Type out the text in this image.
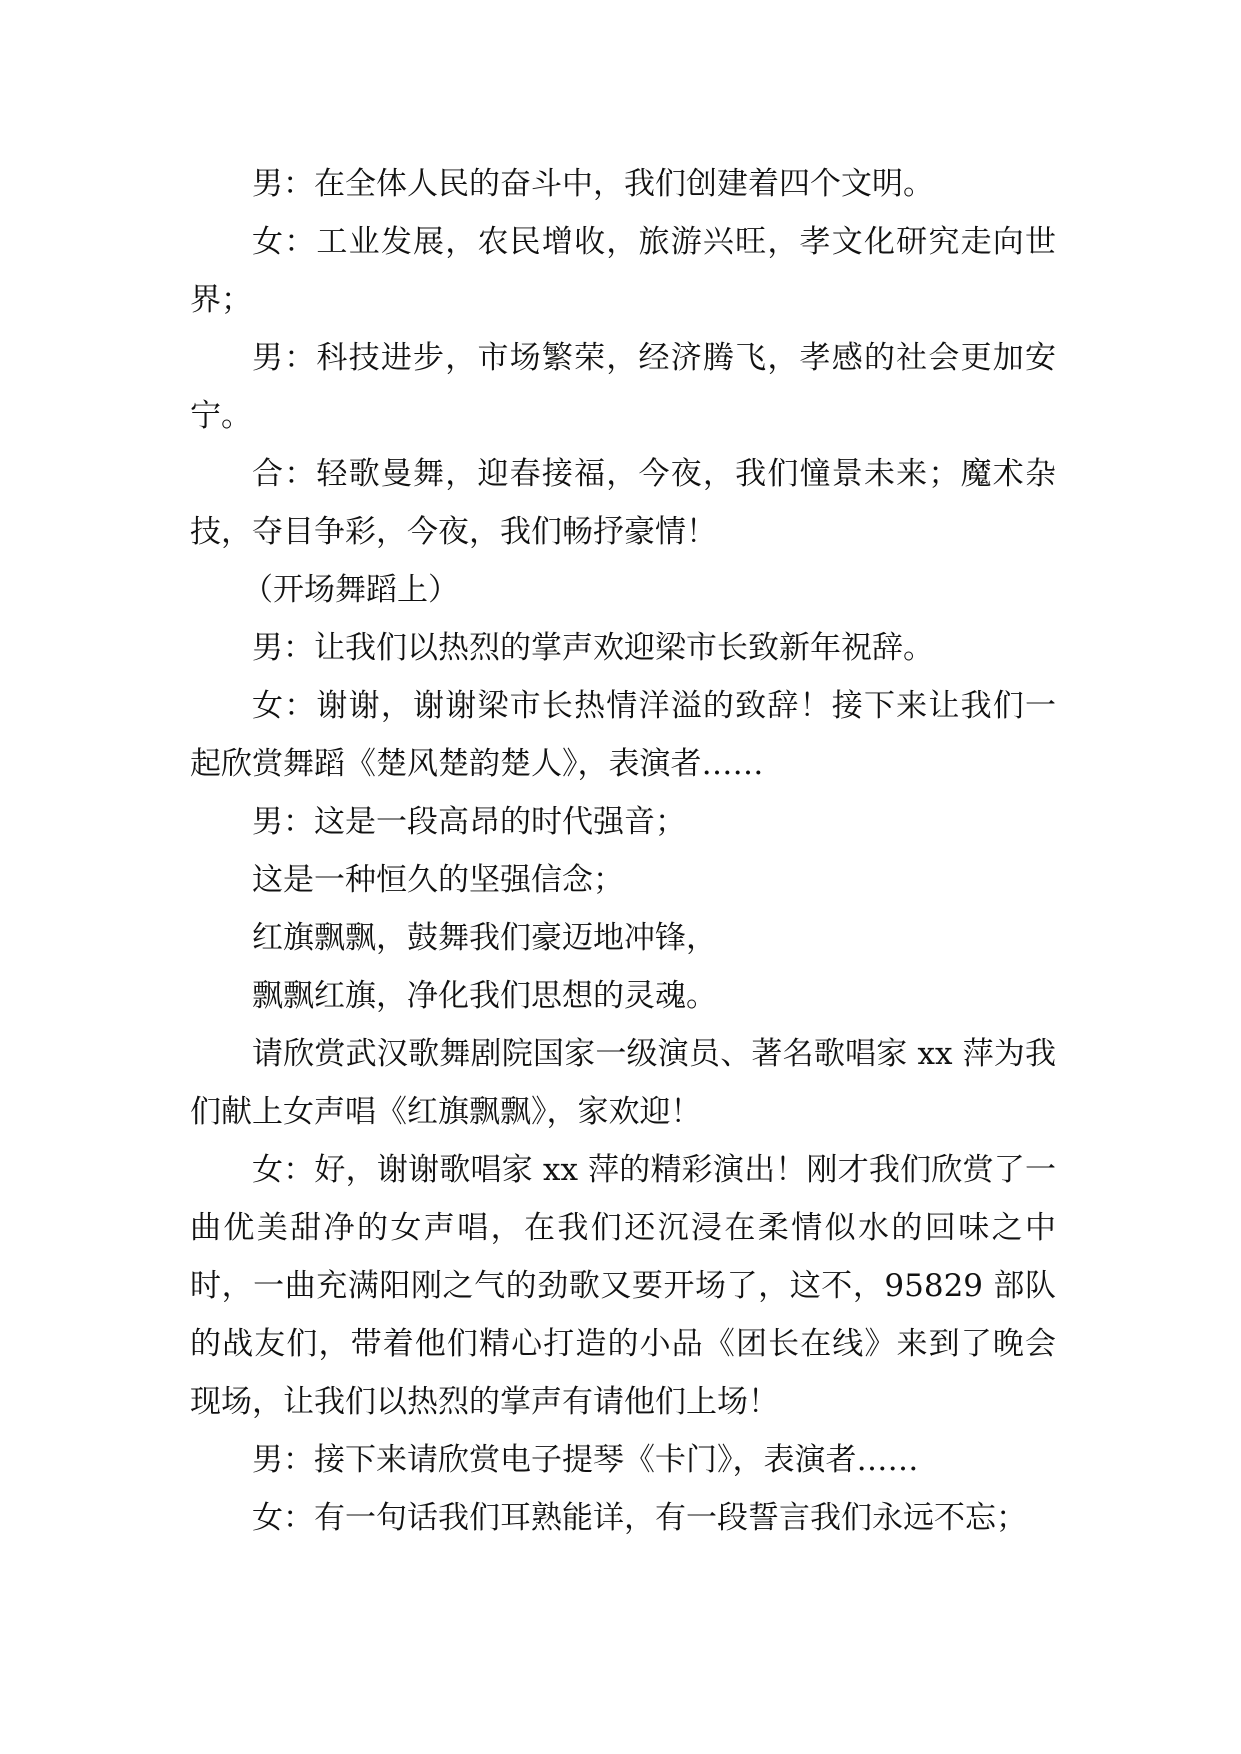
男：在全体人民的奋斗中，我们创建着四个文明。

女：工业发展，农民增收，旅游兴旺，孝文化研究走向世界；

男：科技进步，市场繁荣，经济腾飞，孝感的社会更加安宁。

合：轻歌曼舞，迎春接福，今夜，我们憧景未来；魔术杂技，夺目争彩，今夜，我们畅抒豪情！

（开场舞蹈上）

男：让我们以热烈的掌声欢迎梁市长致新年祝辞。

女：谢谢，谢谢梁市长热情洋溢的致辞！接下来让我们一起欣赏舞蹈《楚风楚韵楚人》，表演者……

男：这是一段高昂的时代强音；

这是一种恒久的坚强信念；

红旗飘飘，鼓舞我们豪迈地冲锋，

飘飘红旗，净化我们思想的灵魂。

请欣赏武汉歌舞剧院国家一级演员、著名歌唱家 xx 萍为我们献上女声唱《红旗飘飘》，家欢迎！

女：好，谢谢歌唱家 xx 萍的精彩演出！刚才我们欣赏了一曲优美甜净的女声唱，在我们还沉浸在柔情似水的回味之中时，一曲充满阳刚之气的劲歌又要开场了，这不，95829 部队的战友们，带着他们精心打造的小品《团长在线》来到了晚会现场，让我们以热烈的掌声有请他们上场！

男：接下来请欣赏电子提琴《卡门》，表演者……

女：有一句话我们耳熟能详，有一段誓言我们永远不忘；
